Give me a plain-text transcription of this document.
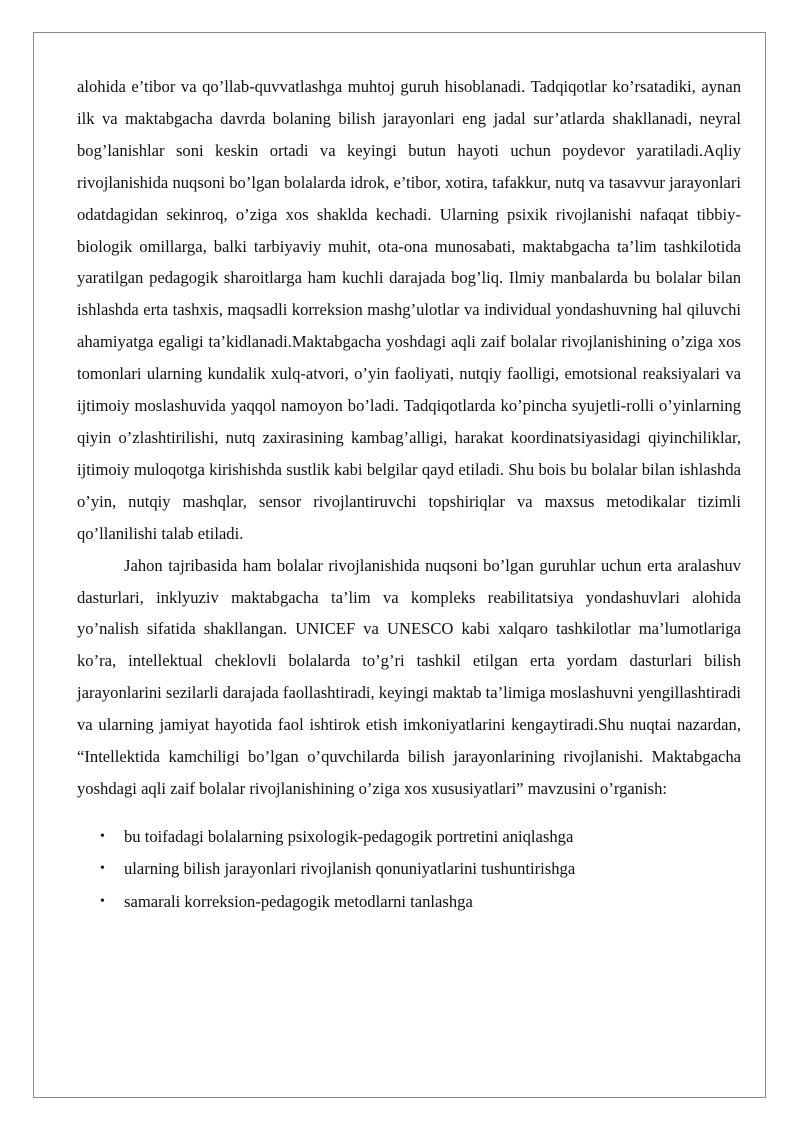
alohida e’tibor va qo’llab-quvvatlashga muhtoj guruh hisoblanadi. Tadqiqotlar ko’rsatadiki, aynan ilk va maktabgacha davrda bolaning bilish jarayonlari eng jadal sur’atlarda shakllanadi, neyral bog’lanishlar soni keskin ortadi va keyingi butun hayoti uchun poydevor yaratiladi.Aqliy rivojlanishida nuqsoni bo’lgan bolalarda idrok, e’tibor, xotira, tafakkur, nutq va tasavvur jarayonlari odatdagidan sekinroq, o’ziga xos shaklda kechadi. Ularning psixik rivojlanishi nafaqat tibbiy-biologik omillarga, balki tarbiyaviy muhit, ota-ona munosabati, maktabgacha ta’lim tashkilotida yaratilgan pedagogik sharoitlarga ham kuchli darajada bog’liq. Ilmiy manbalarda bu bolalar bilan ishlashda erta tashxis, maqsadli korreksion mashg’ulotlar va individual yondashuvning hal qiluvchi ahamiyatga egaligi ta’kidlanadi.Maktabgacha yoshdagi aqli zaif bolalar rivojlanishining o’ziga xos tomonlari ularning kundalik xulq-atvori, o’yin faoliyati, nutqiy faolligi, emotsional reaksiyalari va ijtimoiy moslashuvida yaqqol namoyon bo’ladi. Tadqiqotlarda ko’pincha syujetli-rolli o’yinlarning qiyin o’zlashtirilishi, nutq zaxirasining kambag’alligi, harakat koordinatsiyasidagi qiyinchiliklar, ijtimoiy muloqotga kirishishda sustlik kabi belgilar qayd etiladi. Shu bois bu bolalar bilan ishlashda o’yin, nutqiy mashqlar, sensor rivojlantiruvchi topshiriqlar va maxsus metodikalar tizimli qo’llanilishi talab etiladi.

Jahon tajribasida ham bolalar rivojlanishida nuqsoni bo’lgan guruhlar uchun erta aralashuv dasturlari, inklyuziv maktabgacha ta’lim va kompleks reabilitatsiya yondashuvlari alohida yo’nalish sifatida shakllangan. UNICEF va UNESCO kabi xalqaro tashkilotlar ma’lumotlariga ko’ra, intellektual cheklovli bolalarda to’g’ri tashkil etilgan erta yordam dasturlari bilish jarayonlarini sezilarli darajada faollashtiradi, keyingi maktab ta’limiga moslashuvni yengillashtiradi va ularning jamiyat hayotida faol ishtirok etish imkoniyatlarini kengaytiradi.Shu nuqtai nazardan, “Intellektida kamchiligi bo’lgan o’quvchilarda bilish jarayonlarining rivojlanishi. Maktabgacha yoshdagi aqli zaif bolalar rivojlanishining o’ziga xos xususiyatlari” mavzusini o’rganish:

• bu toifadagi bolalarning psixologik-pedagogik portretini aniqlashga
• ularning bilish jarayonlari rivojlanish qonuniyatlarini tushuntirishga
• samarali korreksion-pedagogik metodlarni tanlashga
